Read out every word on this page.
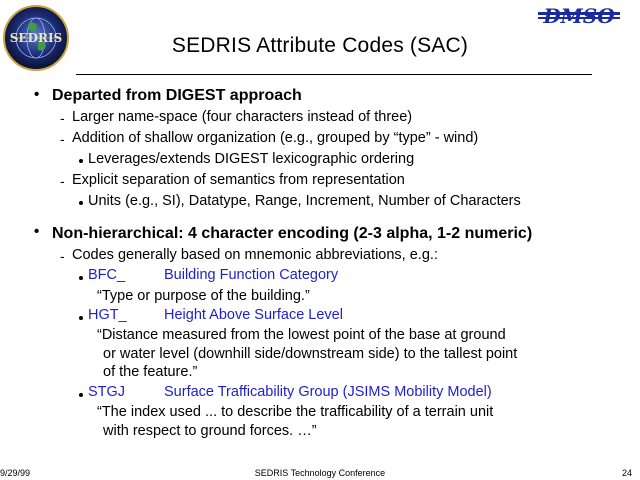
SEDRIS
DMSO
SEDRIS Attribute Codes (SAC)
• Departed from DIGEST approach
- Larger name-space (four characters instead of three)
- Addition of shallow organization (e.g., grouped by “type” - wind)
Leverages/extends DIGEST lexicographic ordering
- Explicit separation of semantics from representation
Units (e.g., SI), Datatype, Range, Increment, Number of Characters
• Non-hierarchical: 4 character encoding (2-3 alpha, 1-2 numeric)
- Codes generally based on mnemonic abbreviations, e.g.:
BFC_	Building Function Category
“Type or purpose of the building.”
HGT_	Height Above Surface Level
“Distance measured from the lowest point of the base at ground
or water level (downhill side/downstream side) to the tallest point
of the feature.”
STGJ	Surface Trafficability Group (JSIMS Mobility Model)
“The index used ... to describe the trafficability of a terrain unit
with respect to ground forces. …”
9/29/99	SEDRIS Technology Conference	24
